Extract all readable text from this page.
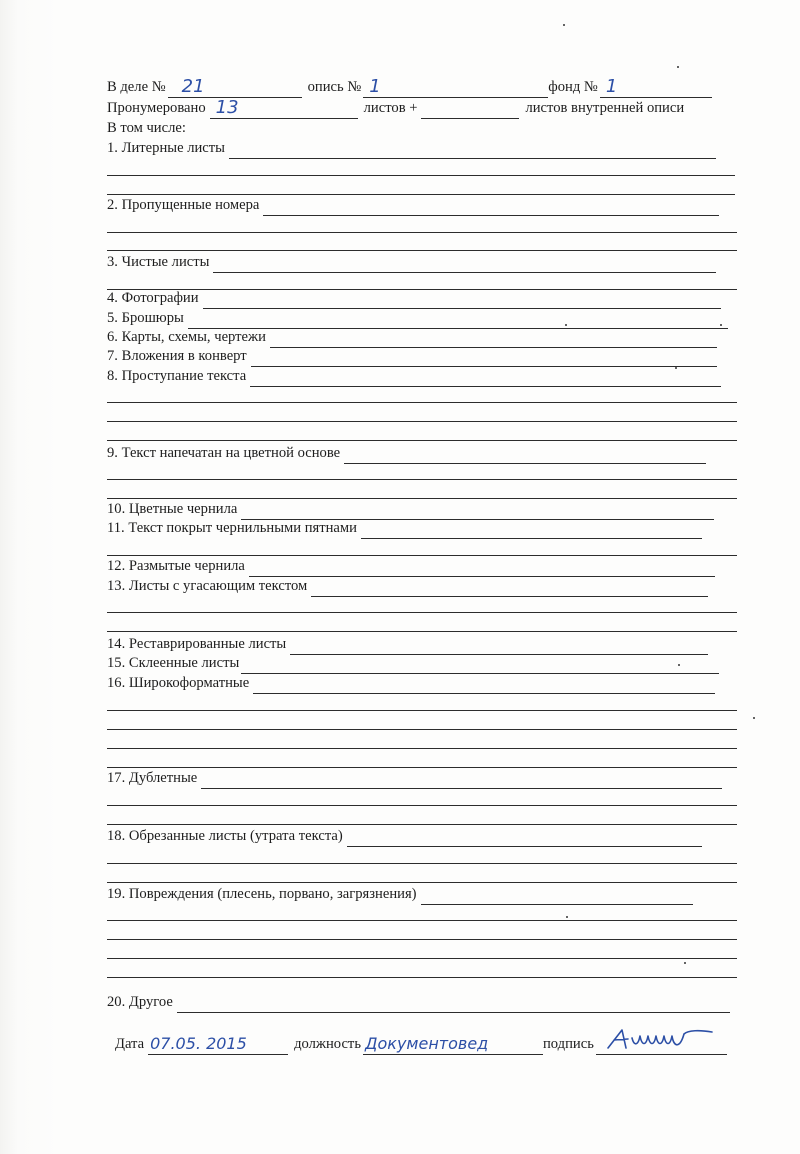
В деле № 21	опись № 1	фонд № 1
Пронумеровано 13	листов +	листов внутренней описи
В том числе:
1. Литерные листы
2. Пропущенные номера
3. Чистые листы
4. Фотографии
5. Брошюры
6. Карты, схемы, чертежи
7. Вложения в конверт
8. Проступание текста
9. Текст напечатан на цветной основе
10. Цветные чернила
11. Текст покрыт чернильными пятнами
12. Размытые чернила
13. Листы с угасающим текстом
14. Реставрированные листы
15. Склеенные листы
16. Широкоформатные
17. Дублетные
18. Обрезанные листы (утрата текста)
19. Повреждения (плесень, порвано, загрязнения)
20. Другое
Дата 07.05. 2015	должность Документовед	подпись
